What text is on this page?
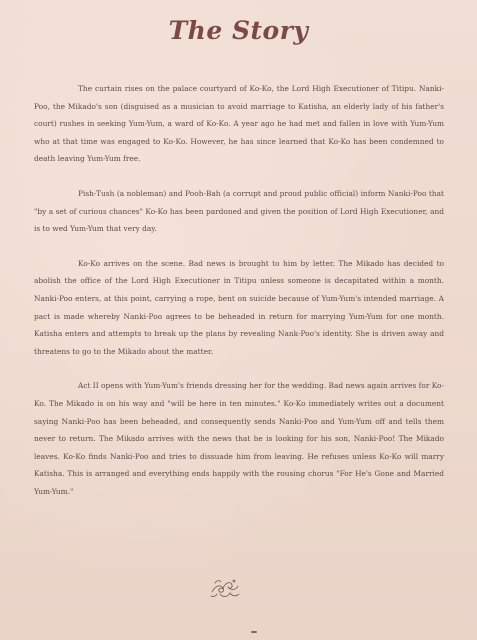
The Story

The curtain rises on the palace courtyard of Ko-Ko, the Lord High Executioner of Titipu. Nanki-Poo, the Mikado's son (disguised as a musician to avoid marriage to Katisha, an elderly lady of his father's court) rushes in seeking Yum-Yum, a ward of Ko-Ko. A year ago he had met and fallen in love with Yum-Yum who at that time was engaged to Ko-Ko. However, he has since learned that Ko-Ko has been condemned to death leaving Yum-Yum free.

Pish-Tush (a nobleman) and Pooh-Bah (a corrupt and proud public official) inform Nanki-Poo that "by a set of curious chances" Ko-Ko has been pardoned and given the position of Lord High Executioner, and is to wed Yum-Yum that very day.

Ko-Ko arrives on the scene. Bad news is brought to him by letter. The Mikado has decided to abolish the office of the Lord High Executioner in Titipu unless someone is decapitated within a month. Nanki-Poo enters, at this point, carrying a rope, bent on suicide because of Yum-Yum's intended marriage. A pact is made whereby Nanki-Poo agrees to be beheaded in return for marrying Yum-Yum for one month. Katisha enters and attempts to break up the plans by revealing Nank-Poo's identity. She is driven away and threatens to go to the Mikado about the matter.

Act II opens with Yum-Yum's friends dressing her for the wedding. Bad news again arrives for Ko-Ko. The Mikado is on his way and "will be here in ten minutes." Ko-Ko immediately writes out a document saying Nanki-Poo has been beheaded, and consequently sends Nanki-Poo and Yum-Yum off and tells them never to return. The Mikado arrives with the news that he is looking for his son, Nanki-Poo! The Mikado leaves. Ko-Ko finds Nanki-Poo and tries to dissuade him from leaving. He refuses unless Ko-Ko will marry Katisha. This is arranged and everything ends happily with the rousing chorus "For He's Gone and Married Yum-Yum."
